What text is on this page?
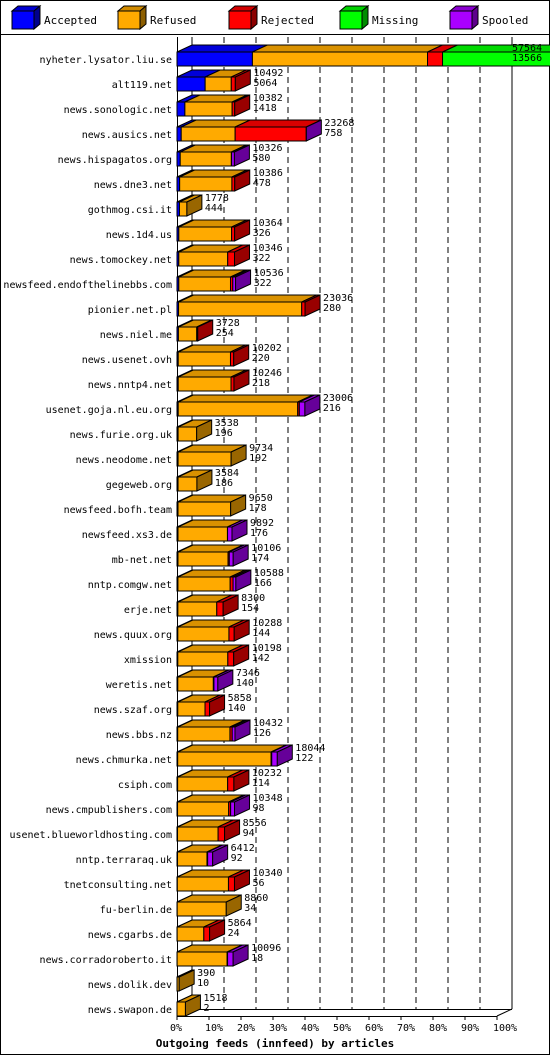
Accepted	Refused	Rejected	Missing	Spooled
nyheter.lysator.liu.se
57564
13566
alt119.net
10492
5064
news.sonologic.net
10382
1418
news.ausics.net
23268
758
news.hispagatos.org
10326
580
news.dne3.net
10386
478
gothmog.csi.it
1778
444
news.1d4.us
10364
326
news.tomockey.net
10346
322
newsfeed.endofthelinebbs.com
10536
322
pionier.net.pl
23036
280
news.niel.me
3728
254
news.usenet.ovh
10202
220
news.nntp4.net
10246
218
usenet.goja.nl.eu.org
23006
216
news.furie.org.uk
3538
196
news.neodome.net
9734
192
gegeweb.org
3584
186
newsfeed.bofh.team
9650
178
newsfeed.xs3.de
9892
176
mb-net.net
10106
174
nntp.comgw.net
10588
166
erje.net
8300
154
news.quux.org
10288
144
xmission
10198
142
weretis.net
7346
140
news.szaf.org
5858
140
news.bbs.nz
10432
126
news.chmurka.net
18044
122
csiph.com
10232
114
news.cmpublishers.com
10348
98
usenet.blueworldhosting.com
8556
94
nntp.terraraq.uk
6412
92
tnetconsulting.net
10340
56
fu-berlin.de
8860
34
news.cgarbs.de
5864
24
news.corradoroberto.it
10096
18
news.dolik.dev
390
10
news.swapon.de
1518
2
0% 10% 20% 30% 40% 50% 60% 70% 80% 90% 100%
Outgoing feeds (innfeed) by articles
